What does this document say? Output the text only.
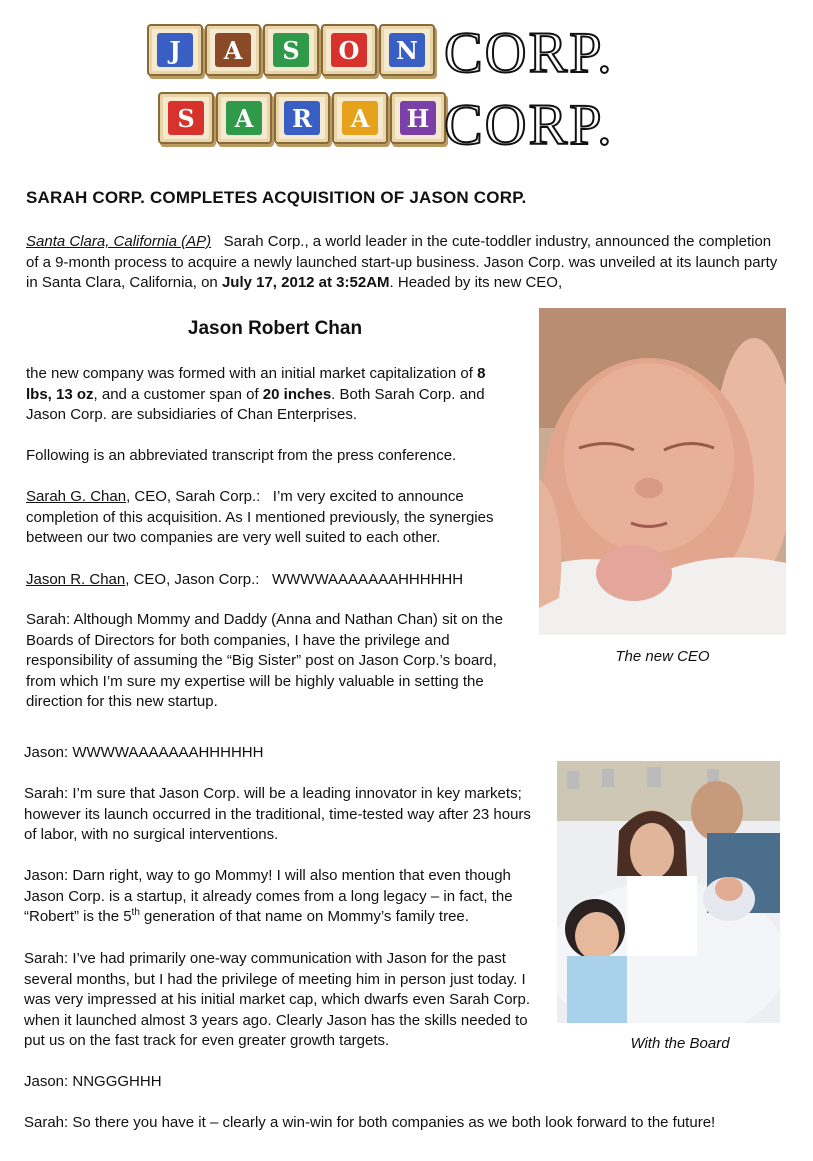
J	A	S	O	N CORP.
S	A	R	A	H CORP.
SARAH CORP. COMPLETES ACQUISITION OF JASON CORP.

Santa Clara, California (AP) Sarah Corp., a world leader in the cute-toddler industry, announced the completion of a 9-month process to acquire a newly launched start-up business. Jason Corp. was unveiled at its launch party in Santa Clara, California, on July 17, 2012 at 3:52AM. Headed by its new CEO,

Jason Robert Chan

the new company was formed with an initial market capitalization of 8 lbs, 13 oz, and a customer span of 20 inches. Both Sarah Corp. and Jason Corp. are subsidiaries of Chan Enterprises.

Following is an abbreviated transcript from the press conference.

Sarah G. Chan, CEO, Sarah Corp.: I’m very excited to announce completion of this acquisition. As I mentioned previously, the synergies between our two companies are very well suited to each other.

Jason R. Chan, CEO, Jason Corp.: WWWWAAAAAAAHHHHHH

Sarah: Although Mommy and Daddy (Anna and Nathan Chan) sit on the Boards of Directors for both companies, I have the privilege and responsibility of assuming the “Big Sister” post on Jason Corp.’s board, from which I’m sure my expertise will be highly valuable in setting the direction for this new startup.

Jason: WWWWAAAAAAAHHHHHH

Sarah: I’m sure that Jason Corp. will be a leading innovator in key markets; however its launch occurred in the traditional, time-tested way after 23 hours of labor, with no surgical interventions.

Jason: Darn right, way to go Mommy! I will also mention that even though Jason Corp. is a startup, it already comes from a long legacy – in fact, the “Robert” is the 5th generation of that name on Mommy’s family tree.

Sarah: I’ve had primarily one-way communication with Jason for the past several months, but I had the privilege of meeting him in person just today. I was very impressed at his initial market cap, which dwarfs even Sarah Corp. when it launched almost 3 years ago. Clearly Jason has the skills needed to put us on the fast track for even greater growth targets.

Jason: NNGGGHHH

Sarah: So there you have it – clearly a win-win for both companies as we both look forward to the future!

The new CEO
With the Board
